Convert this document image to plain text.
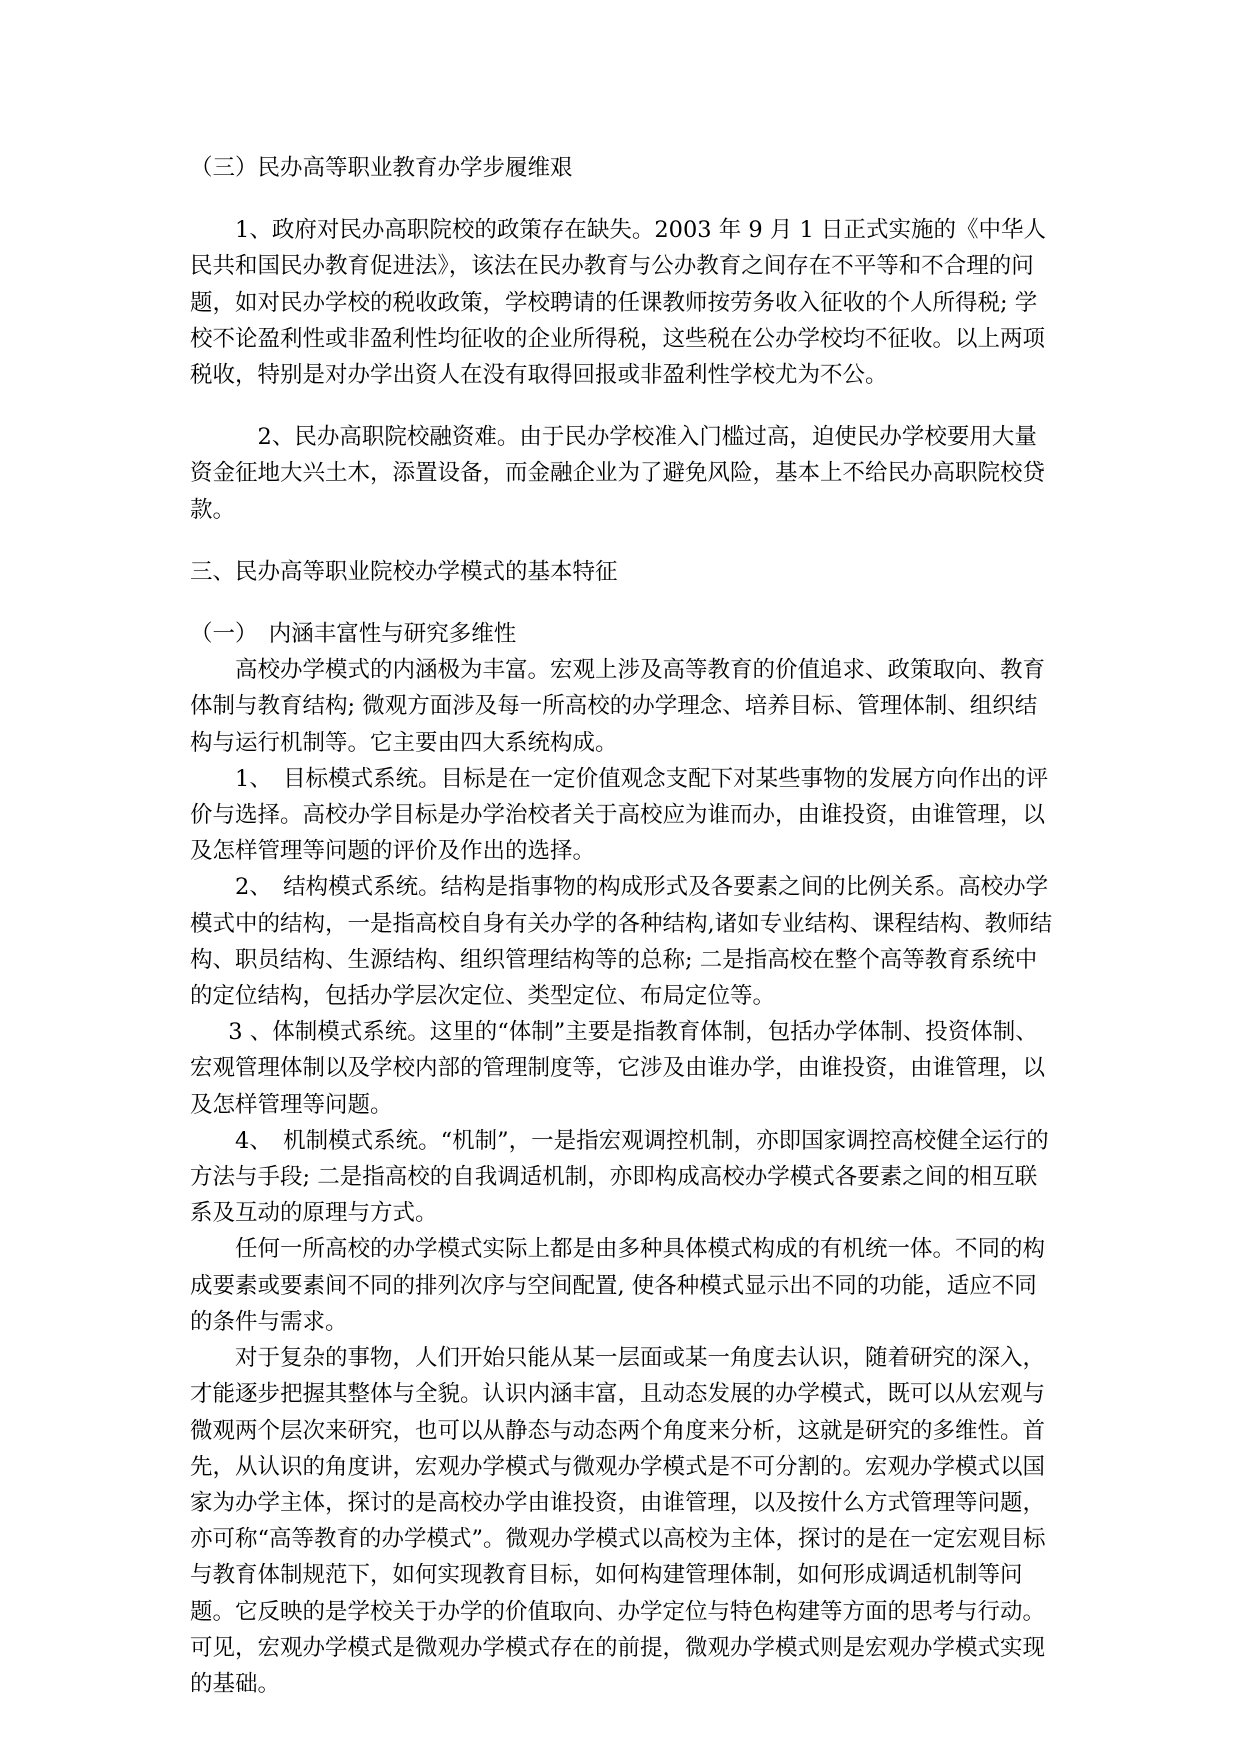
（三）民办高等职业教育办学步履维艰

1、政府对民办高职院校的政策存在缺失。2003 年 9 月 1 日正式实施的《中华人民共和国民办教育促进法》，该法在民办教育与公办教育之间存在不平等和不合理的问题，如对民办学校的税收政策，学校聘请的任课教师按劳务收入征收的个人所得税; 学校不论盈利性或非盈利性均征收的企业所得税，这些税在公办学校均不征收。以上两项税收，特别是对办学出资人在没有取得回报或非盈利性学校尤为不公。

2、民办高职院校融资难。由于民办学校准入门槛过高，迫使民办学校要用大量资金征地大兴土木，添置设备，而金融企业为了避免风险，基本上不给民办高职院校贷款。

三、民办高等职业院校办学模式的基本特征

（一）　内涵丰富性与研究多维性

高校办学模式的内涵极为丰富。宏观上涉及高等教育的价值追求、政策取向、教育体制与教育结构; 微观方面涉及每一所高校的办学理念、培养目标、管理体制、组织结构与运行机制等。它主要由四大系统构成。

1、　目标模式系统。目标是在一定价值观念支配下对某些事物的发展方向作出的评价与选择。高校办学目标是办学治校者关于高校应为谁而办，由谁投资，由谁管理，以及怎样管理等问题的评价及作出的选择。

2、　结构模式系统。结构是指事物的构成形式及各要素之间的比例关系。高校办学模式中的结构，一是指高校自身有关办学的各种结构,诸如专业结构、课程结构、教师结构、职员结构、生源结构、组织管理结构等的总称; 二是指高校在整个高等教育系统中的定位结构，包括办学层次定位、类型定位、布局定位等。

3 、体制模式系统。这里的“体制”主要是指教育体制，包括办学体制、投资体制、宏观管理体制以及学校内部的管理制度等，它涉及由谁办学，由谁投资，由谁管理，以及怎样管理等问题。

4、　机制模式系统。“机制”，一是指宏观调控机制，亦即国家调控高校健全运行的方法与手段; 二是指高校的自我调适机制，亦即构成高校办学模式各要素之间的相互联系及互动的原理与方式。

任何一所高校的办学模式实际上都是由多种具体模式构成的有机统一体。不同的构成要素或要素间不同的排列次序与空间配置, 使各种模式显示出不同的功能，适应不同的条件与需求。

对于复杂的事物，人们开始只能从某一层面或某一角度去认识，随着研究的深入，才能逐步把握其整体与全貌。认识内涵丰富，且动态发展的办学模式，既可以从宏观与微观两个层次来研究，也可以从静态与动态两个角度来分析，这就是研究的多维性。首先，从认识的角度讲，宏观办学模式与微观办学模式是不可分割的。宏观办学模式以国家为办学主体，探讨的是高校办学由谁投资，由谁管理，以及按什么方式管理等问题，亦可称“高等教育的办学模式”。微观办学模式以高校为主体，探讨的是在一定宏观目标与教育体制规范下，如何实现教育目标，如何构建管理体制，如何形成调适机制等问题。它反映的是学校关于办学的价值取向、办学定位与特色构建等方面的思考与行动。可见，宏观办学模式是微观办学模式存在的前提，微观办学模式则是宏观办学模式实现的基础。
